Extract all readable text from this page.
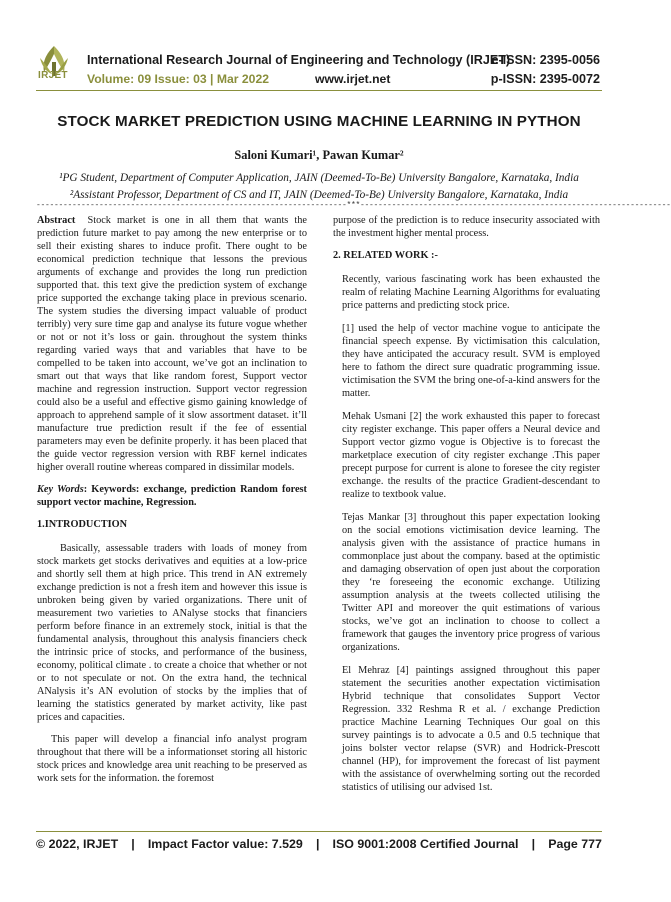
IRJET
International Research Journal of Engineering and Technology (IRJET)
e-ISSN: 2395-0056
Volume: 09 Issue: 03 | Mar 2022	www.irjet.net	p-ISSN: 2395-0072
STOCK MARKET PREDICTION USING MACHINE LEARNING IN PYTHON
Saloni Kumari¹, Pawan Kumar²
¹PG Student, Department of Computer Application, JAIN (Deemed-To-Be) University Bangalore, Karnataka, India
²Assistant Professor, Department of CS and IT, JAIN (Deemed-To-Be) University Bangalore, Karnataka, India
---------------------------------------------------------------------***---------------------------------------------------------------------

Abstract Stock market is one in all them that wants the prediction future market to pay among the new enterprise or to sell their existing shares to induce profit. There ought to be economical prediction technique that lessons the previous arguments of exchange and provides the long run prediction supported that. this text give the prediction system of exchange price supported the exchange taking place in previous scenario. The system studies the diversing impact valuable of product terribly) very sure time gap and analyse its future vogue whether or not or not it’s loss or gain. throughout the system thinks regarding varied ways that and variables that have to be compelled to be taken into account, we’ve got an inclination to smart out that ways that like random forest, Support vector machine and regression instruction. Support vector regression could also be a useful and effective gismo gaining knowledge of approach to apprehend sample of it slow assortment dataset. it’ll manufacture true prediction result if the fee of essential parameters may even be definite properly. it has been placed that the guide vector regression version with RBF kernel indicates higher overall routine whereas compared in dissimilar models.

Key Words: Keywords: exchange, prediction Random forest support vector machine, Regression.

1.INTRODUCTION

Basically, assessable traders with loads of money from stock markets get stocks derivatives and equities at a low-price and shortly sell them at high price. This trend in AN extremely exchange prediction is not a fresh item and however this issue is unbroken being given by varied organizations. There unit of measurement two varieties to ANalyse stocks that financiers perform before finance in an extremely stock, initial is that the fundamental analysis, throughout this analysis financiers check the intrinsic price of stocks, and performance of the business, economy, political climate . to create a choice that whether or not or to not speculate or not. On the extra hand, the technical ANalysis it’s AN evolution of stocks by the implies that of learning the statistics generated by market activity, like past prices and capacities.

This paper will develop a financial info analyst program throughout that there will be a informationset storing all historic stock prices and knowledge area unit reaching to be preserved as work sets for the information. the foremost

purpose of the prediction is to reduce insecurity associated with the investment higher mental process.

2. RELATED WORK :-

Recently, various fascinating work has been exhausted the realm of relating Machine Learning Algorithms for evaluating price patterns and predicting stock price.

[1] used the help of vector machine vogue to anticipate the financial speech expense. By victimisation this calculation, they have anticipated the accuracy result. SVM is employed here to fathom the direct sure quadratic programming issue. victimisation the SVM the bring one-of-a-kind answers for the matter.

Mehak Usmani [2] the work exhausted this paper to forecast city register exchange. This paper offers a Neural device and Support vector gizmo vogue is Objective is to forecast the marketplace execution of city register exchange .This paper precept purpose for current is alone to foresee the city register exchange. the results of the practice Gradient-descendant to realize to textbook value.

Tejas Mankar [3] throughout this paper expectation looking on the social emotions victimisation device learning. The analysis given with the assistance of practice humans in commonplace just about the company. based at the optimistic and damaging observation of open just about the corporation they ‘re foreseeing the economic exchange. Utilizing assumption analysis at the tweets collected utilising the Twitter API and moreover the quit estimations of various stocks, we’ve got an inclination to choose to collect a framework that gauges the inventory price progress of various organizations.

El Mehraz [4] paintings assigned throughout this paper statement the securities another expectation victimisation Hybrid technique that consolidates Support Vector Regression. 332 Reshma R et al. / exchange Prediction practice Machine Learning Techniques Our goal on this survey paintings is to advocate a 0.5 and 0.5 technique that joins bolster vector relapse (SVR) and Hodrick-Prescott channel (HP), for improvement the forecast of list payment with the assistance of overwhelming sorting out the recorded statistics of utilising our advised 1st.

© 2022, IRJET | Impact Factor value: 7.529 | ISO 9001:2008 Certified Journal | Page 777
